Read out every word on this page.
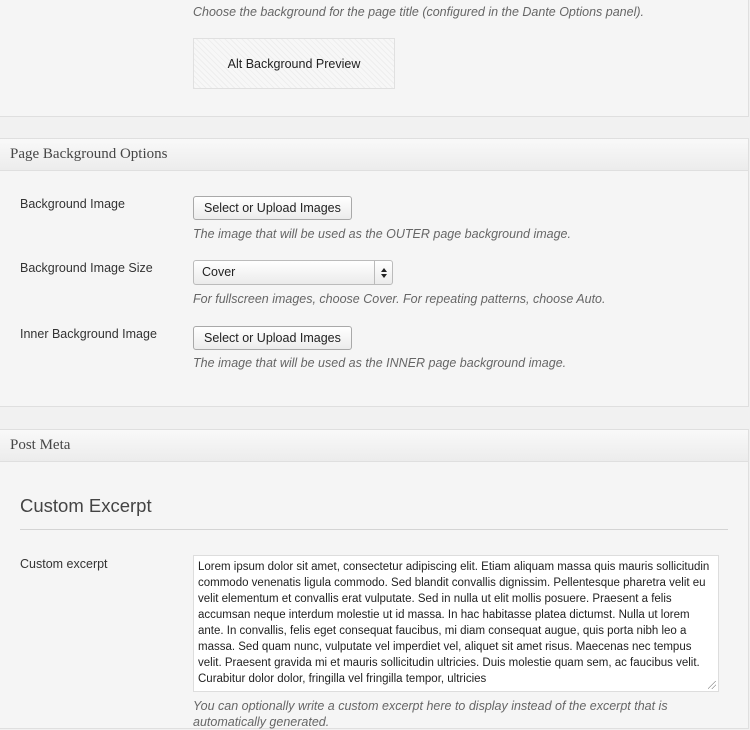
Choose the background for the page title (configured in the Dante Options panel).
Alt Background Preview
Page Background Options
Background Image	Select or Upload Images
The image that will be used as the OUTER page background image.
Background Image Size	Cover
For fullscreen images, choose Cover. For repeating patterns, choose Auto.
Inner Background Image	Select or Upload Images
The image that will be used as the INNER page background image.
Post Meta
Custom Excerpt
Custom excerpt	Lorem ipsum dolor sit amet, consectetur adipiscing elit. Etiam aliquam massa quis mauris sollicitudin commodo venenatis ligula commodo. Sed blandit convallis dignissim. Pellentesque pharetra velit eu velit elementum et convallis erat vulputate. Sed in nulla ut elit mollis posuere. Praesent a felis accumsan neque interdum molestie ut id massa. In hac habitasse platea dictumst. Nulla ut lorem ante. In convallis, felis eget consequat faucibus, mi diam consequat augue, quis porta nibh leo a massa. Sed quam nunc, vulputate vel imperdiet vel, aliquet sit amet risus. Maecenas nec tempus velit. Praesent gravida mi et mauris sollicitudin ultricies. Duis molestie quam sem, ac faucibus velit. Curabitur dolor dolor, fringilla vel fringilla tempor, ultricies
You can optionally write a custom excerpt here to display instead of the excerpt that is automatically generated.
